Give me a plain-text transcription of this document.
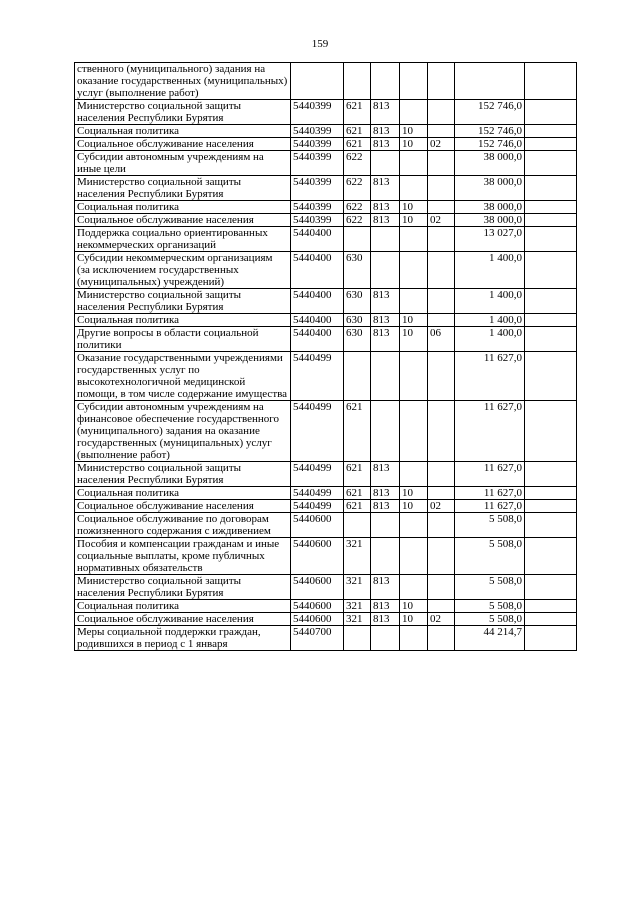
159
ственного (муниципального) задания на оказание государственных (муниципальных) услуг (выполнение работ)							
Министерство социальной защиты населения Республики Бурятия	5440399	621	813			152 746,0	
Социальная политика	5440399	621	813	10		152 746,0	
Социальное обслуживание населения	5440399	621	813	10	02	152 746,0	
Субсидии автономным учреждениям на иные цели	5440399	622				38 000,0	
Министерство социальной защиты населения Республики Бурятия	5440399	622	813			38 000,0	
Социальная политика	5440399	622	813	10		38 000,0	
Социальное обслуживание населения	5440399	622	813	10	02	38 000,0	
Поддержка социально ориентированных некоммерческих организаций	5440400					13 027,0	
Субсидии некоммерческим организациям (за исключением государственных (муниципальных) учреждений)	5440400	630				1 400,0	
Министерство социальной защиты населения Республики Бурятия	5440400	630	813			1 400,0	
Социальная политика	5440400	630	813	10		1 400,0	
Другие вопросы в области социальной политики	5440400	630	813	10	06	1 400,0	
Оказание государственными учреждениями государственных услуг по высокотехнологичной медицинской помощи, в том числе содержание имущества	5440499					11 627,0	
Субсидии автономным учреждениям на финансовое обеспечение государственного (муниципального) задания на оказание государственных (муниципальных) услуг (выполнение работ)	5440499	621				11 627,0	
Министерство социальной защиты населения Республики Бурятия	5440499	621	813			11 627,0	
Социальная политика	5440499	621	813	10		11 627,0	
Социальное обслуживание населения	5440499	621	813	10	02	11 627,0	
Социальное обслуживание по договорам пожизненного содержания с иждивением	5440600					5 508,0	
Пособия и компенсации гражданам и иные социальные выплаты, кроме публичных нормативных обязательств	5440600	321				5 508,0	
Министерство социальной защиты населения Республики Бурятия	5440600	321	813			5 508,0	
Социальная политика	5440600	321	813	10		5 508,0	
Социальное обслуживание населения	5440600	321	813	10	02	5 508,0	
Меры социальной поддержки граждан, родившихся в период с 1 января	5440700					44 214,7	
